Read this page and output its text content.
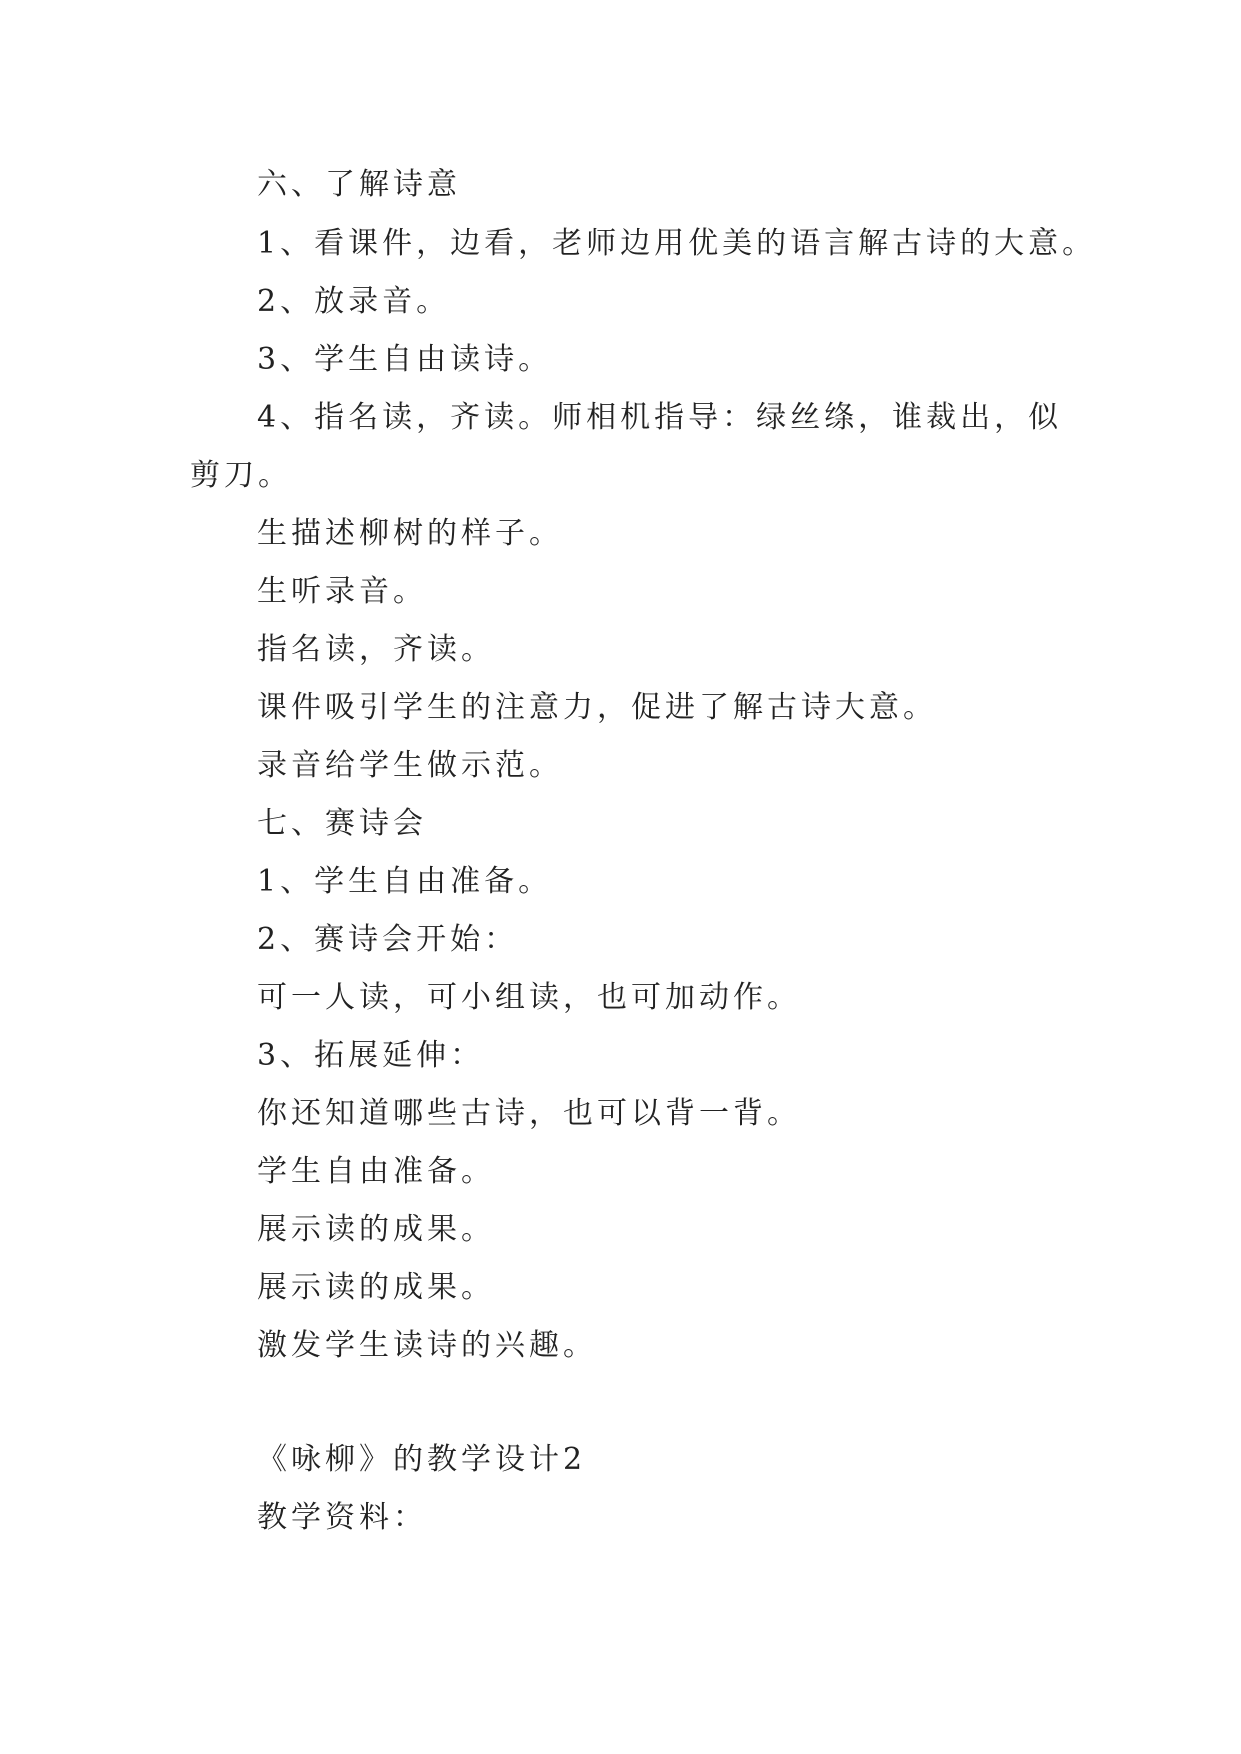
六、了解诗意
1、看课件，边看，老师边用优美的语言解古诗的大意。
2、放录音。
3、学生自由读诗。
4、指名读，齐读。师相机指导：绿丝绦，谁裁出，似
剪刀。
生描述柳树的样子。
生听录音。
指名读，齐读。
课件吸引学生的注意力，促进了解古诗大意。
录音给学生做示范。
七、赛诗会
1、学生自由准备。
2、赛诗会开始：
可一人读，可小组读，也可加动作。
3、拓展延伸：
你还知道哪些古诗，也可以背一背。
学生自由准备。
展示读的成果。
展示读的成果。
激发学生读诗的兴趣。
《咏柳》的教学设计2
教学资料：
